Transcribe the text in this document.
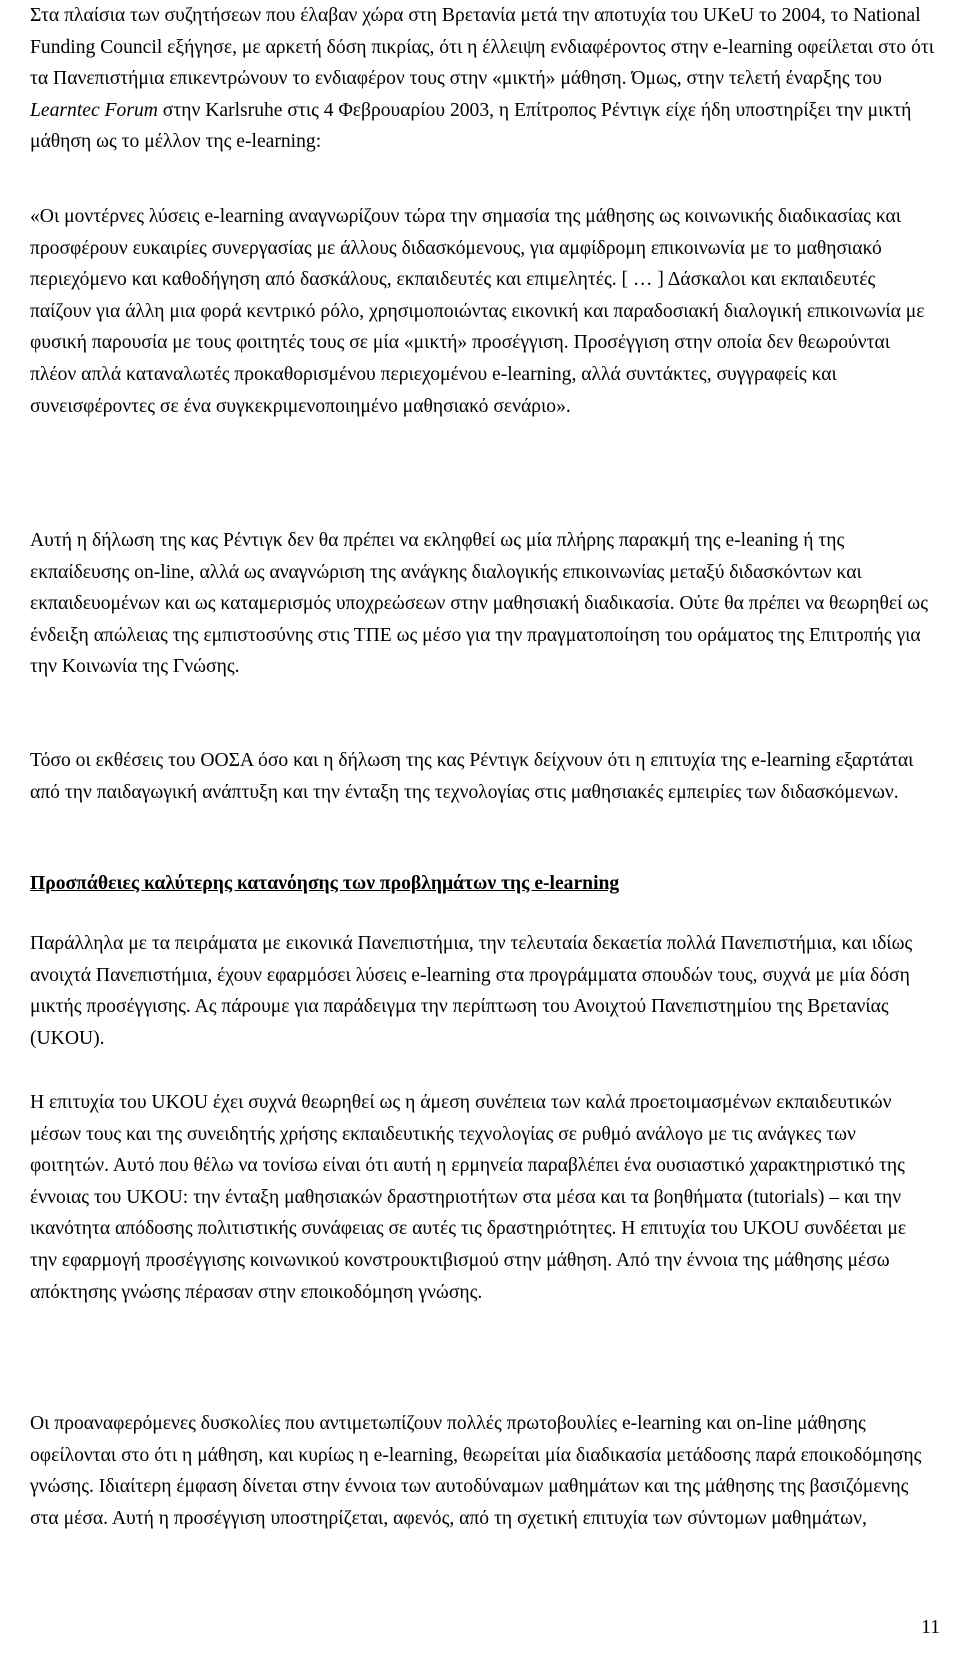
Στα πλαίσια των συζητήσεων που έλαβαν χώρα στη Βρετανία μετά την αποτυχία του UKeU το 2004, το National Funding Council εξήγησε, με αρκετή δόση πικρίας, ότι η έλλειψη ενδιαφέροντος στην e-learning οφείλεται στο ότι τα Πανεπιστήμια επικεντρώνουν το ενδιαφέρον τους στην «μικτή» μάθηση. Όμως, στην τελετή έναρξης του Learntec Forum στην Karlsruhe στις 4 Φεβρουαρίου 2003, η Επίτροπος Ρέντιγκ είχε ήδη υποστηρίξει την μικτή μάθηση ως το μέλλον της e-learning:

«Οι μοντέρνες λύσεις e-learning αναγνωρίζουν τώρα την σημασία της μάθησης ως κοινωνικής διαδικασίας και προσφέρουν ευκαιρίες συνεργασίας με άλλους διδασκόμενους, για αμφίδρομη επικοινωνία με το μαθησιακό περιεχόμενο και καθοδήγηση από δασκάλους, εκπαιδευτές και επιμελητές. [ … ] Δάσκαλοι και εκπαιδευτές παίζουν για άλλη μια φορά κεντρικό ρόλο, χρησιμοποιώντας εικονική και παραδοσιακή διαλογική επικοινωνία με φυσική παρουσία με τους φοιτητές τους σε μία «μικτή» προσέγγιση. Προσέγγιση στην οποία δεν θεωρούνται πλέον απλά καταναλωτές προκαθορισμένου περιεχομένου e-learning, αλλά συντάκτες, συγγραφείς και συνεισφέροντες σε ένα συγκεκριμενοποιημένο μαθησιακό σενάριο».

Αυτή η δήλωση της κας Ρέντιγκ δεν θα πρέπει να εκληφθεί ως μία πλήρης παρακμή της e-leaning ή της εκπαίδευσης on-line, αλλά ως αναγνώριση της ανάγκης διαλογικής επικοινωνίας μεταξύ διδασκόντων και εκπαιδευομένων και ως καταμερισμός υποχρεώσεων στην μαθησιακή διαδικασία. Ούτε θα πρέπει να θεωρηθεί ως ένδειξη απώλειας της εμπιστοσύνης στις ΤΠΕ ως μέσο για την πραγματοποίηση του οράματος της Επιτροπής για την Κοινωνία της Γνώσης.

Τόσο οι εκθέσεις του ΟΟΣΑ όσο και η δήλωση της κας Ρέντιγκ δείχνουν ότι η επιτυχία της e-learning εξαρτάται από την παιδαγωγική ανάπτυξη και την ένταξη της τεχνολογίας στις μαθησιακές εμπειρίες των διδασκόμενων.

Προσπάθειες καλύτερης κατανόησης των προβλημάτων της e-learning

Παράλληλα με τα πειράματα με εικονικά Πανεπιστήμια, την τελευταία δεκαετία πολλά Πανεπιστήμια, και ιδίως ανοιχτά Πανεπιστήμια, έχουν εφαρμόσει λύσεις e-learning στα προγράμματα σπουδών τους, συχνά με μία δόση μικτής προσέγγισης. Ας πάρουμε για παράδειγμα την περίπτωση του Ανοιχτού Πανεπιστημίου της Βρετανίας (UKOU).

Η επιτυχία του UKOU έχει συχνά θεωρηθεί ως η άμεση συνέπεια των καλά προετοιμασμένων εκπαιδευτικών μέσων τους και της συνειδητής χρήσης εκπαιδευτικής τεχνολογίας σε ρυθμό ανάλογο με τις ανάγκες των φοιτητών. Αυτό που θέλω να τονίσω είναι ότι αυτή η ερμηνεία παραβλέπει ένα ουσιαστικό χαρακτηριστικό της έννοιας του UKOU: την ένταξη μαθησιακών δραστηριοτήτων στα μέσα και τα βοηθήματα (tutorials) – και την ικανότητα απόδοσης πολιτιστικής συνάφειας σε αυτές τις δραστηριότητες. Η επιτυχία του UKOU συνδέεται με την εφαρμογή προσέγγισης κοινωνικού κονστρουκτιβισμού στην μάθηση. Από την έννοια της μάθησης μέσω απόκτησης γνώσης πέρασαν στην εποικοδόμηση γνώσης.

Οι προαναφερόμενες δυσκολίες που αντιμετωπίζουν πολλές πρωτοβουλίες e-learning και on-line μάθησης οφείλονται στο ότι η μάθηση, και κυρίως η e-learning, θεωρείται μία διαδικασία μετάδοσης παρά εποικοδόμησης γνώσης. Ιδιαίτερη έμφαση δίνεται στην έννοια των αυτοδύναμων μαθημάτων και της μάθησης της βασιζόμενης στα μέσα. Αυτή η προσέγγιση υποστηρίζεται, αφενός, από τη σχετική επιτυχία των σύντομων μαθημάτων,

11
